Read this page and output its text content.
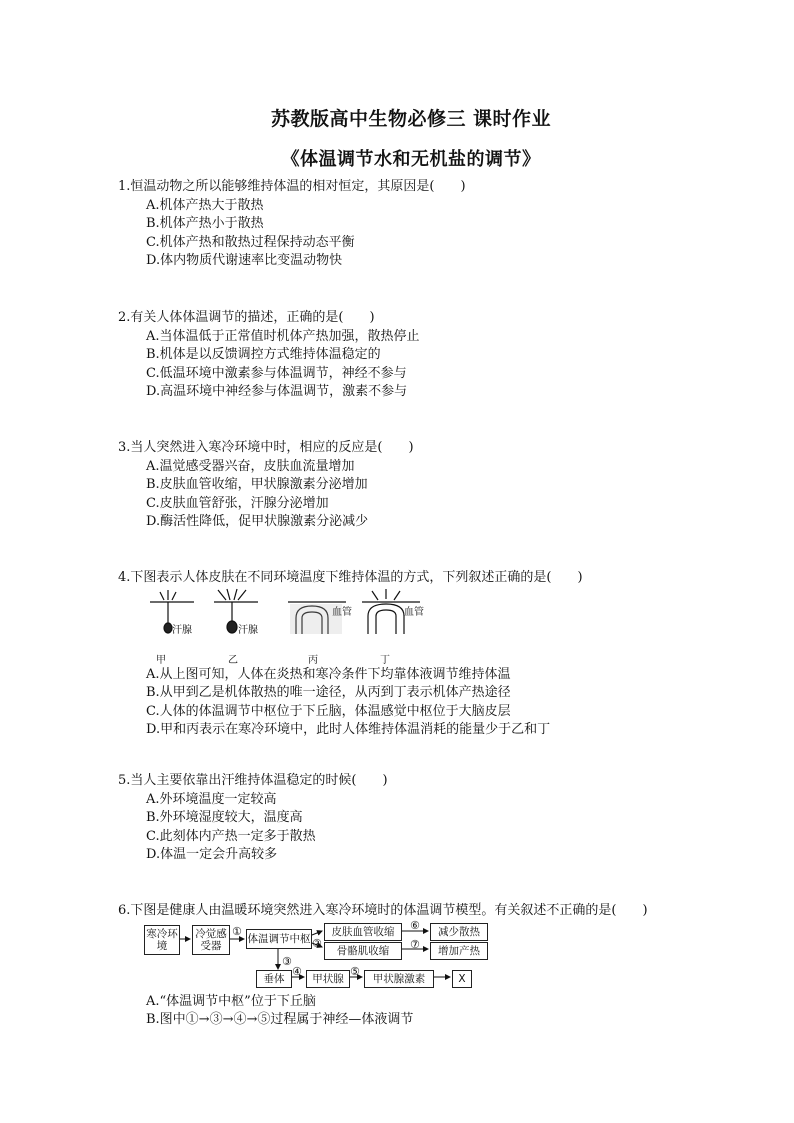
苏教版高中生物必修三 课时作业
《体温调节水和无机盐的调节》
1.恒温动物之所以能够维持体温的相对恒定，其原因是(　　)
A.机体产热大于散热
B.机体产热小于散热
C.机体产热和散热过程保持动态平衡
D.体内物质代谢速率比变温动物快
2.有关人体体温调节的描述，正确的是(　　)
A.当体温低于正常值时机体产热加强，散热停止
B.机体是以反馈调控方式维持体温稳定的
C.低温环境中激素参与体温调节，神经不参与
D.高温环境中神经参与体温调节，激素不参与
3.当人突然进入寒冷环境中时，相应的反应是(　　)
A.温觉感受器兴奋，皮肤血流量增加
B.皮肤血管收缩，甲状腺激素分泌增加
C.皮肤血管舒张，汗腺分泌增加
D.酶活性降低，促甲状腺激素分泌减少
4.下图表示人体皮肤在不同环境温度下维持体温的方式，下列叙述正确的是(　　)
甲	乙	丙	丁
汗腺	汗腺
血管	血管
A.从上图可知，人体在炎热和寒冷条件下均靠体液调节维持体温
B.从甲到乙是机体散热的唯一途径，从丙到丁表示机体产热途径
C.人体的体温调节中枢位于下丘脑，体温感觉中枢位于大脑皮层
D.甲和丙表示在寒冷环境中，此时人体维持体温消耗的能量少于乙和丁
5.当人主要依靠出汗维持体温稳定的时候(　　)
A.外环境温度一定较高
B.外环境湿度较大，温度高
C.此刻体内产热一定多于散热
D.体温一定会升高较多
6.下图是健康人由温暖环境突然进入寒冷环境时的体温调节模型。有关叙述不正确的是(　　)
寒冷环境
冷觉感受器
体温调节中枢
皮肤血管收缩
骨骼肌收缩
减少散热
增加产热
垂体	甲状腺	甲状腺激素	X
①
②
③
④	⑤
⑥
⑦
A.“体温调节中枢”位于下丘脑
B.图中①→③→④→⑤过程属于神经—体液调节
